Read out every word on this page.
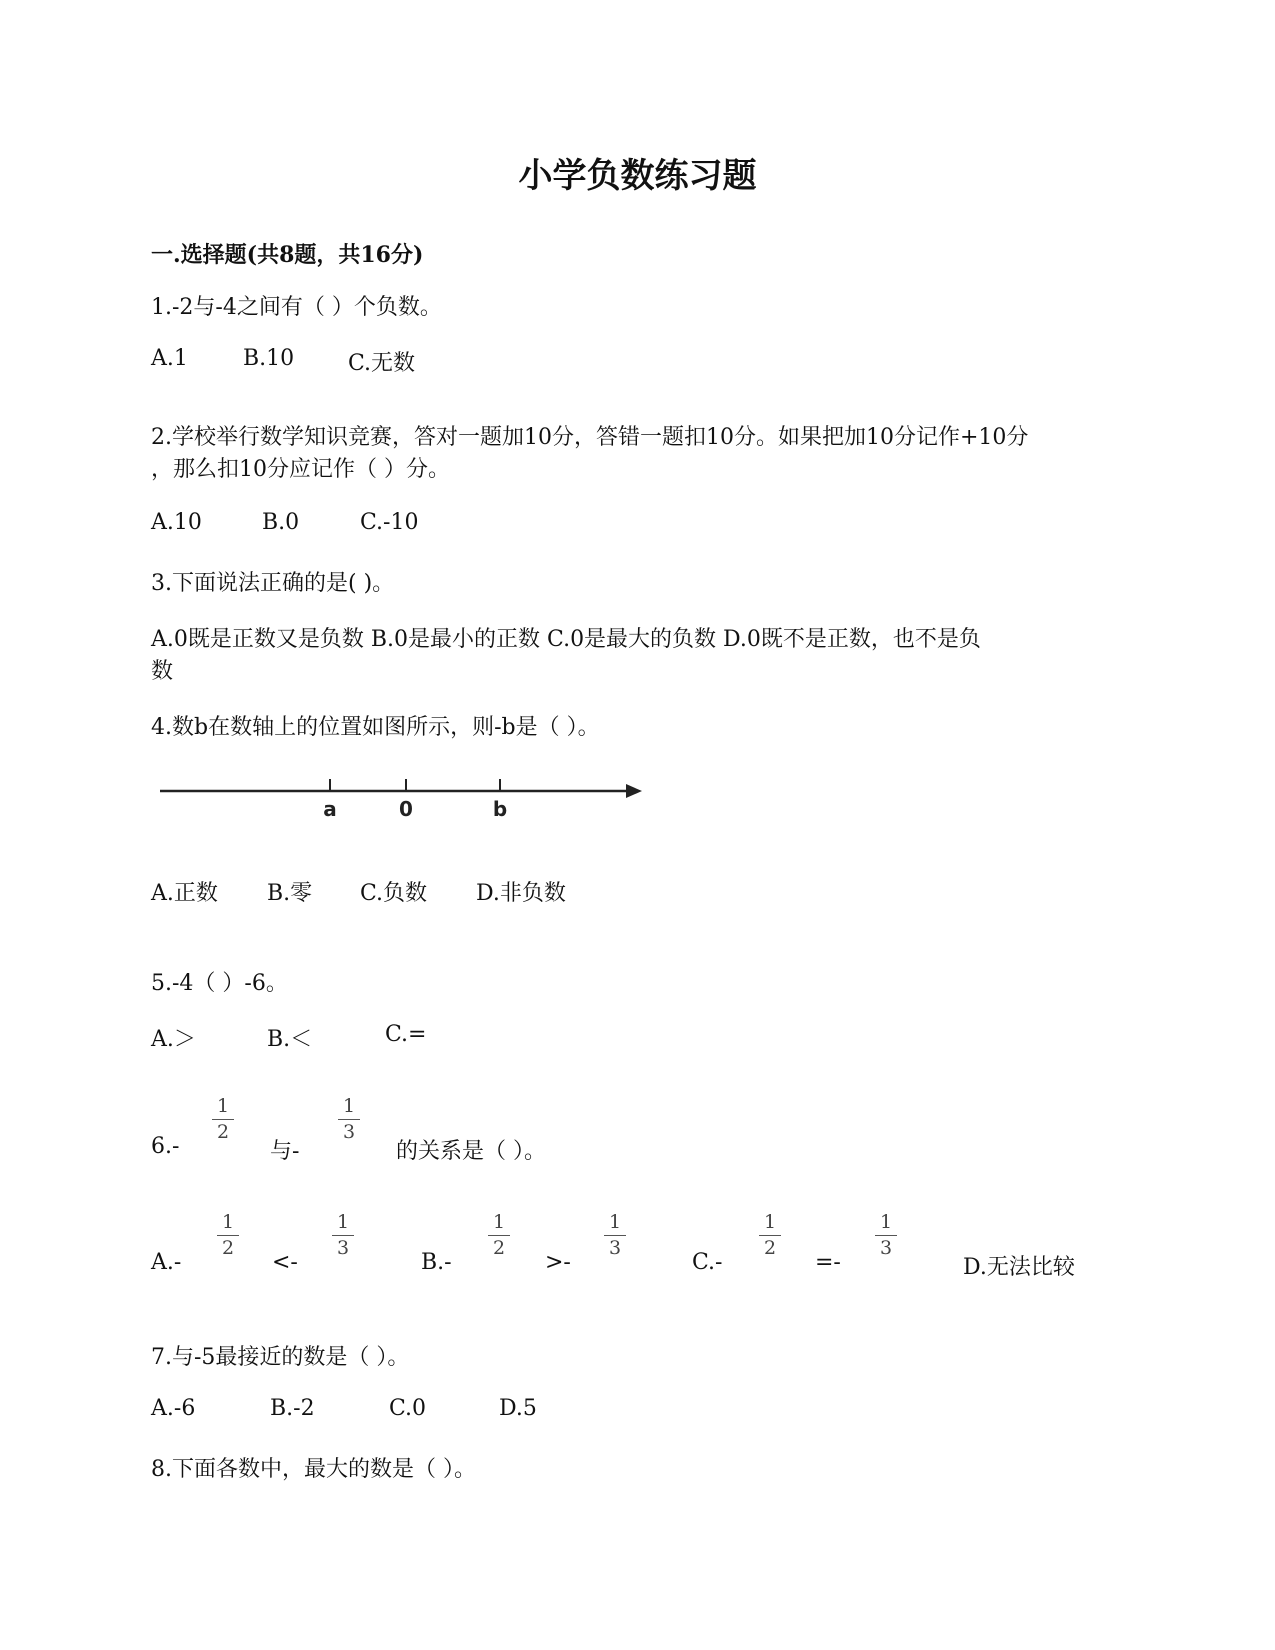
小学负数练习题
一.选择题(共8题，共16分)
1.-2与-4之间有（ ）个负数。
A.1	B.10 C.无数
2.学校举行数学知识竞赛，答对一题加10分，答错一题扣10分。如果把加10分记作+10分
，那么扣10分应记作（ ）分。
A.10	B.0	C.-10
3.下面说法正确的是( )。
A.0既是正数又是负数 B.0是最小的正数 C.0是最大的负数 D.0既不是正数，也不是负
数
4.数b在数轴上的位置如图所示，则-b是（ ）。
a	0	b
A.正数 B.零 C.负数 D.非负数
5.-4（ ）-6。
A.＞	B.＜	C.=
6.-
1
2
与-
1
3
的关系是（ ）。
A.-
1
2
<-
1
3
B.-
1
2
>-
1
3
C.-
1
2
=-
1
3
D.无法比较
7.与-5最接近的数是（ ）。
A.-6	B.-2	C.0	D.5
8.下面各数中，最大的数是（ ）。
